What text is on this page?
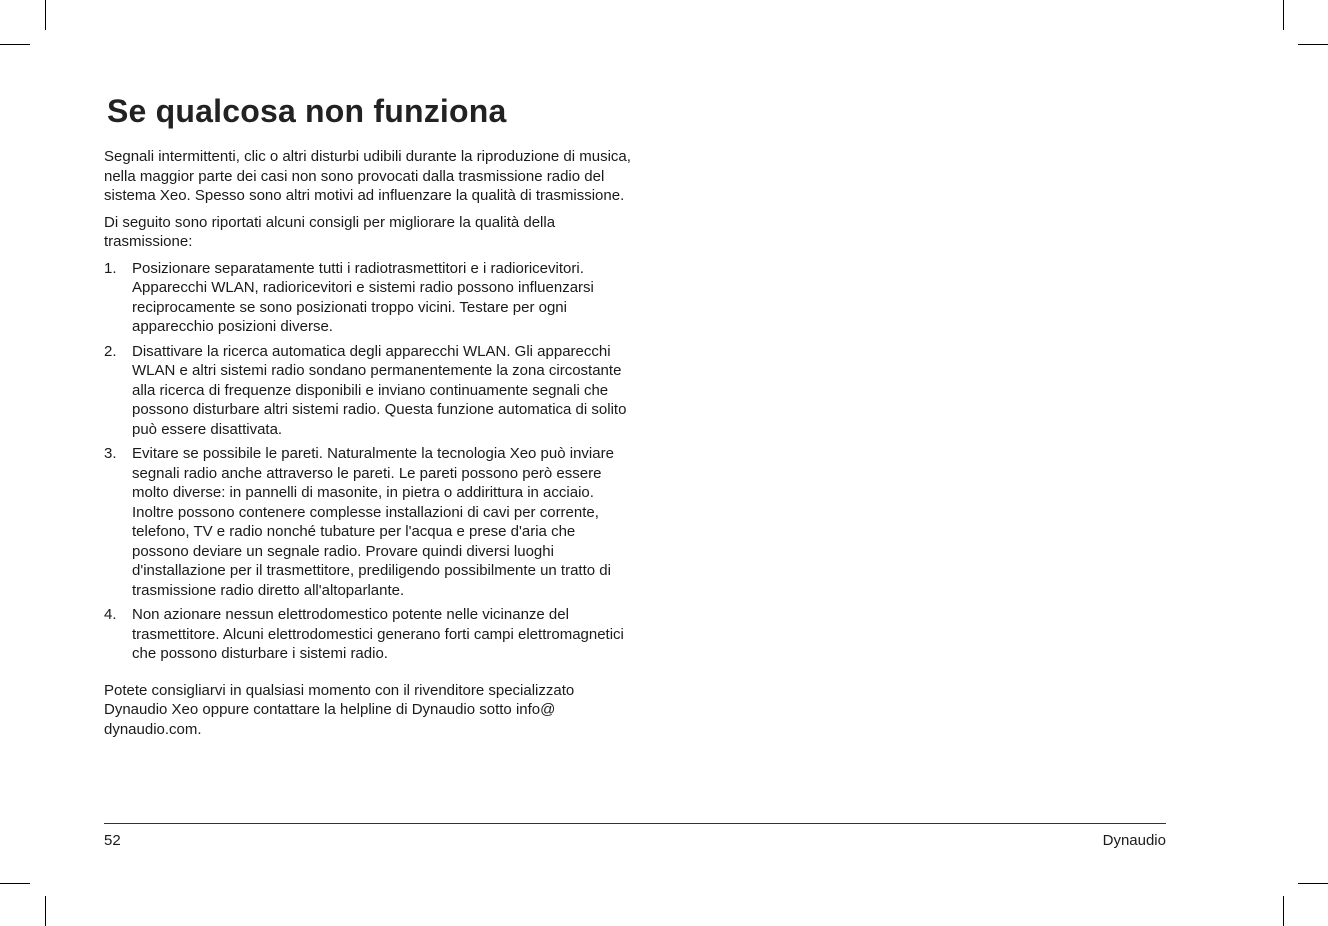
Se qualcosa non funziona

Segnali intermittenti, clic o altri disturbi udibili durante la riproduzione di musica, nella maggior parte dei casi non sono provocati dalla trasmissione radio del sistema Xeo. Spesso sono altri motivi ad influenzare la qualità di trasmissione.

Di seguito sono riportati alcuni consigli per migliorare la qualità della trasmissione:

1. Posizionare separatamente tutti i radiotrasmettitori e i radioricevitori. Apparecchi WLAN, radioricevitori e sistemi radio possono influenzarsi reciprocamente se sono posizionati troppo vicini. Testare per ogni apparecchio posizioni diverse.
2. Disattivare la ricerca automatica degli apparecchi WLAN. Gli apparecchi WLAN e altri sistemi radio sondano permanentemente la zona circostante alla ricerca di frequenze disponibili e inviano continuamente segnali che possono disturbare altri sistemi radio. Questa funzione automatica di solito può essere disattivata.
3. Evitare se possibile le pareti. Naturalmente la tecnologia Xeo può inviare segnali radio anche attraverso le pareti. Le pareti possono però essere molto diverse: in pannelli di masonite, in pietra o addirittura in acciaio. Inoltre possono contenere complesse installazioni di cavi per corrente, telefono, TV e radio nonché tubature per l'acqua e prese d'aria che possono deviare un segnale radio. Provare quindi diversi luoghi d'installazione per il trasmettitore, prediligendo possibilmente un tratto di trasmissione radio diretto all'altoparlante.
4. Non azionare nessun elettrodomestico potente nelle vicinanze del trasmettitore. Alcuni elettrodomestici generano forti campi elettromagnetici che possono disturbare i sistemi radio.

Potete consigliarvi in qualsiasi momento con il rivenditore specializzato Dynaudio Xeo oppure contattare la helpline di Dynaudio sotto info@ dynaudio.com.

52	Dynaudio
